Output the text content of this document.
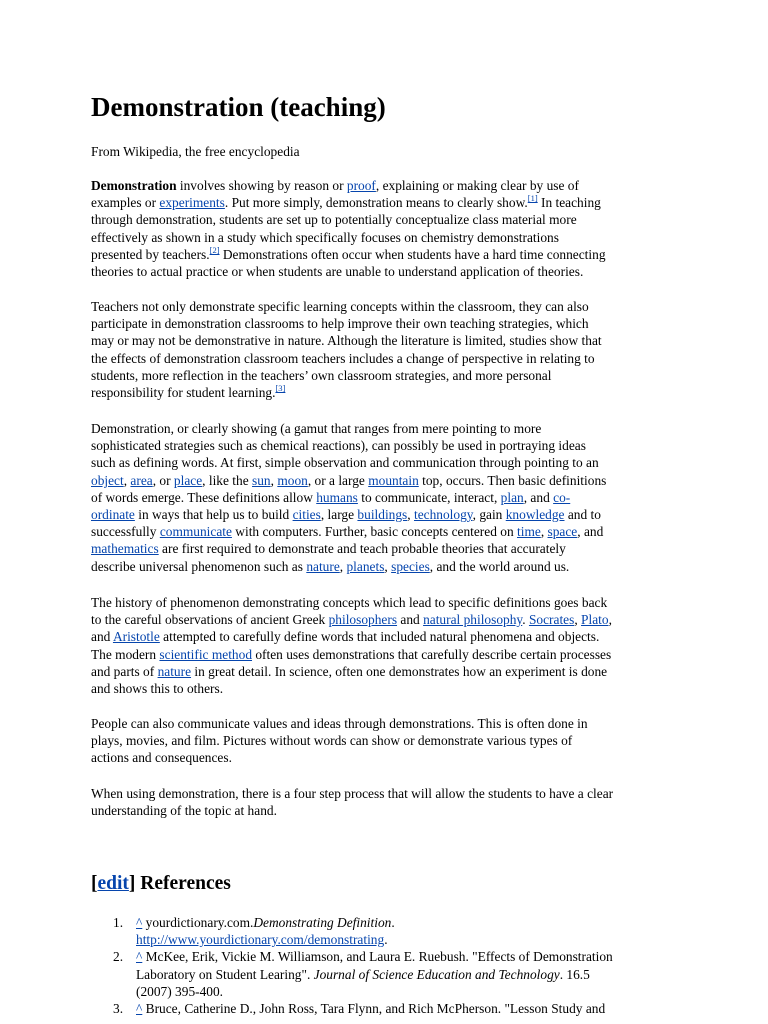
Demonstration (teaching)
From Wikipedia, the free encyclopedia
Demonstration involves showing by reason or proof, explaining or making clear by use of
examples or experiments. Put more simply, demonstration means to clearly show.[1] In teaching
through demonstration, students are set up to potentially conceptualize class material more
effectively as shown in a study which specifically focuses on chemistry demonstrations
presented by teachers.[2] Demonstrations often occur when students have a hard time connecting
theories to actual practice or when students are unable to understand application of theories.
Teachers not only demonstrate specific learning concepts within the classroom, they can also
participate in demonstration classrooms to help improve their own teaching strategies, which
may or may not be demonstrative in nature. Although the literature is limited, studies show that
the effects of demonstration classroom teachers includes a change of perspective in relating to
students, more reflection in the teachers’ own classroom strategies, and more personal
responsibility for student learning.[3]
Demonstration, or clearly showing (a gamut that ranges from mere pointing to more
sophisticated strategies such as chemical reactions), can possibly be used in portraying ideas
such as defining words. At first, simple observation and communication through pointing to an
object, area, or place, like the sun, moon, or a large mountain top, occurs. Then basic definitions
of words emerge. These definitions allow humans to communicate, interact, plan, and co-
ordinate in ways that help us to build cities, large buildings, technology, gain knowledge and to
successfully communicate with computers. Further, basic concepts centered on time, space, and
mathematics are first required to demonstrate and teach probable theories that accurately
describe universal phenomenon such as nature, planets, species, and the world around us.
The history of phenomenon demonstrating concepts which lead to specific definitions goes back
to the careful observations of ancient Greek philosophers and natural philosophy. Socrates, Plato,
and Aristotle attempted to carefully define words that included natural phenomena and objects.
The modern scientific method often uses demonstrations that carefully describe certain processes
and parts of nature in great detail. In science, often one demonstrates how an experiment is done
and shows this to others.
People can also communicate values and ideas through demonstrations. This is often done in
plays, movies, and film. Pictures without words can show or demonstrate various types of
actions and consequences.
When using demonstration, there is a four step process that will allow the students to have a clear
understanding of the topic at hand.
[edit] References
1. ^ yourdictionary.com.Demonstrating Definition.
http://www.yourdictionary.com/demonstrating.
2. ^ McKee, Erik, Vickie M. Williamson, and Laura E. Ruebush. "Effects of Demonstration
Laboratory on Student Learing". Journal of Science Education and Technology. 16.5
(2007) 395-400.
3. ^ Bruce, Catherine D., John Ross, Tara Flynn, and Rich McPherson. "Lesson Study and
